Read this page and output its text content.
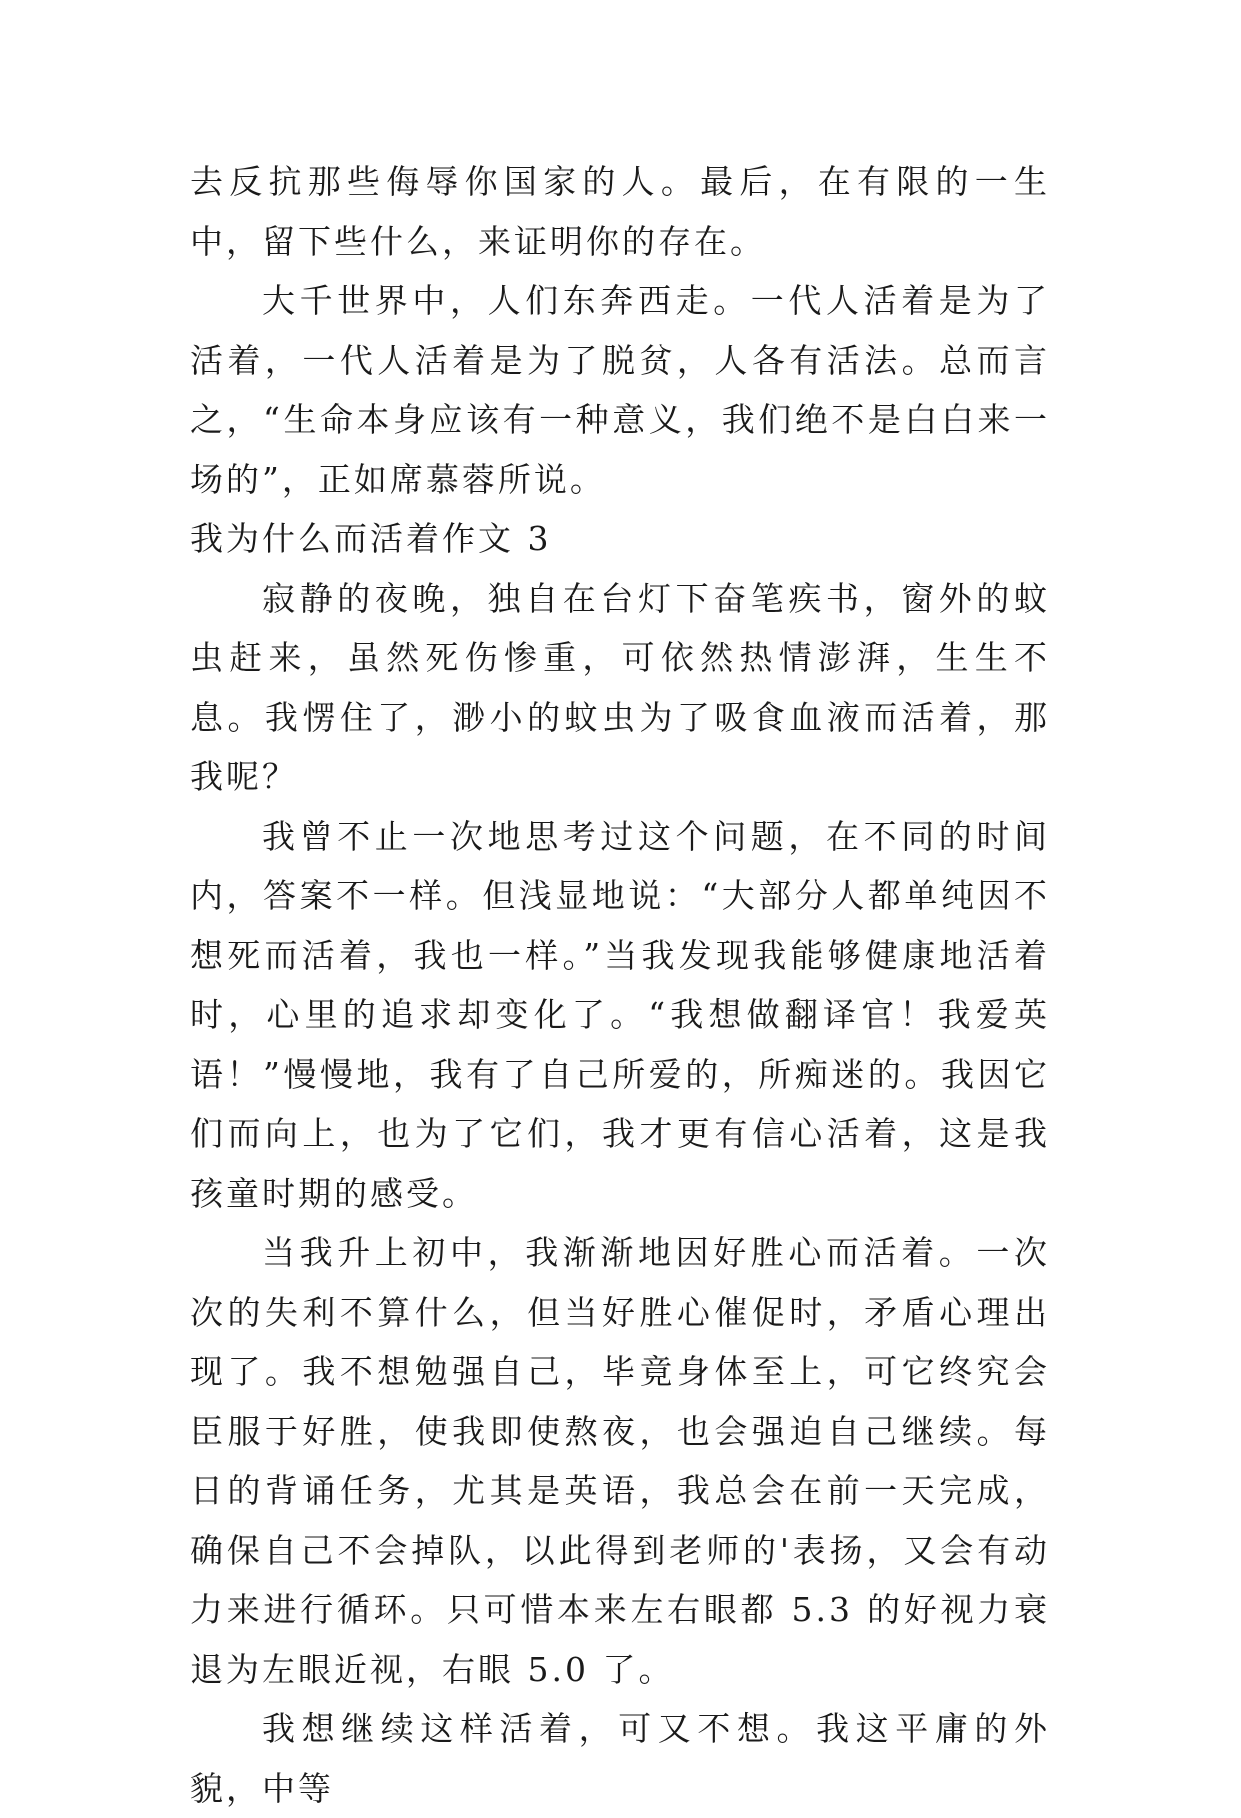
去反抗那些侮辱你国家的人。最后，在有限的一生中，留下些什么，来证明你的存在。

大千世界中，人们东奔西走。一代人活着是为了活着，一代人活着是为了脱贫，人各有活法。总而言之，“生命本身应该有一种意义，我们绝不是白白来一场的”，正如席慕蓉所说。

我为什么而活着作文 3

寂静的夜晚，独自在台灯下奋笔疾书，窗外的蚊虫赶来，虽然死伤惨重，可依然热情澎湃，生生不息。我愣住了，渺小的蚊虫为了吸食血液而活着，那我呢？

我曾不止一次地思考过这个问题，在不同的时间内，答案不一样。但浅显地说：“大部分人都单纯因不想死而活着，我也一样。”当我发现我能够健康地活着时，心里的追求却变化了。“我想做翻译官！我爱英语！”慢慢地，我有了自己所爱的，所痴迷的。我因它们而向上，也为了它们，我才更有信心活着，这是我孩童时期的感受。

当我升上初中，我渐渐地因好胜心而活着。一次次的失利不算什么，但当好胜心催促时，矛盾心理出现了。我不想勉强自己，毕竟身体至上，可它终究会臣服于好胜，使我即使熬夜，也会强迫自己继续。每日的背诵任务，尤其是英语，我总会在前一天完成，确保自己不会掉队，以此得到老师的'表扬，又会有动力来进行循环。只可惜本来左右眼都 5.3 的好视力衰退为左眼近视，右眼 5.0 了。

我想继续这样活着，可又不想。我这平庸的外貌，中等
